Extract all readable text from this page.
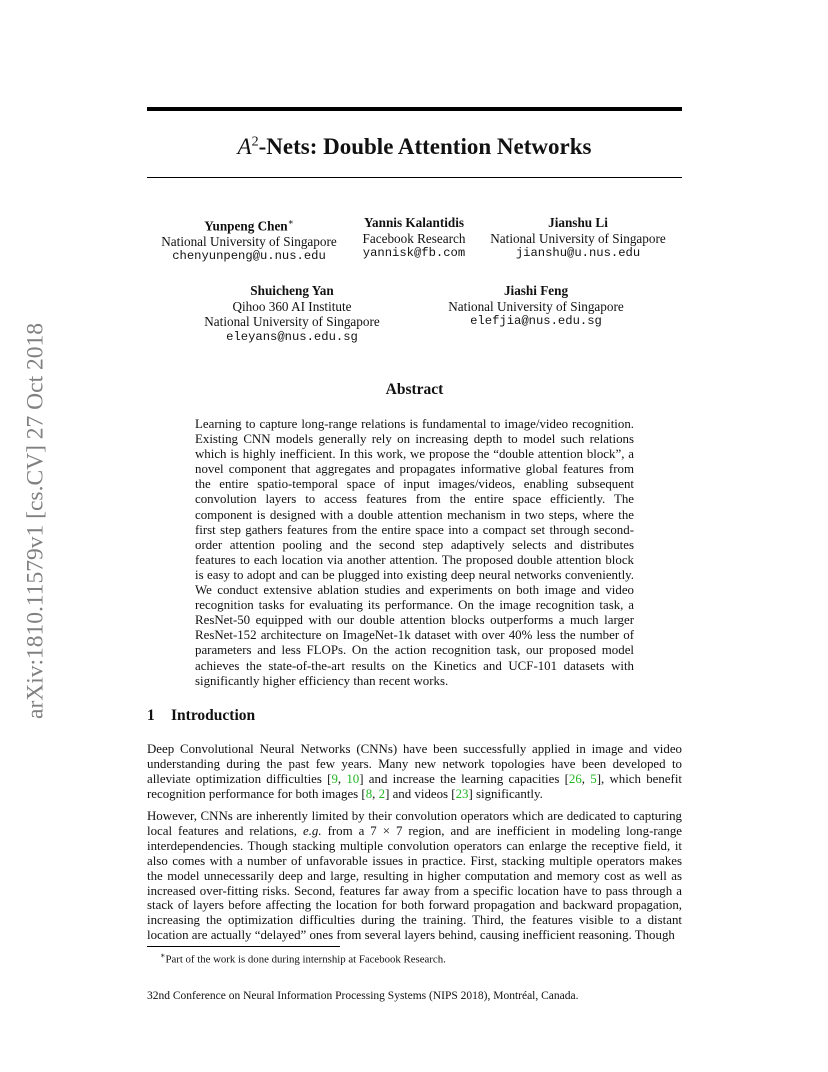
arXiv:1810.11579v1 [cs.CV] 27 Oct 2018
$A^2$-Nets: Double Attention Networks
Yunpeng Chen∗
National University of Singapore
chenyunpeng@u.nus.edu
Yannis Kalantidis
Facebook Research
yannisk@fb.com
Jianshu Li
National University of Singapore
jianshu@u.nus.edu
Shuicheng Yan
Qihoo 360 AI Institute
National University of Singapore
eleyans@nus.edu.sg
Jiashi Feng
National University of Singapore
elefjia@nus.edu.sg
Abstract
Learning to capture long-range relations is fundamental to image/video recognition. Existing CNN models generally rely on increasing depth to model such relations which is highly inefficient. In this work, we propose the “double attention block”, a novel component that aggregates and propagates informative global features from the entire spatio-temporal space of input images/videos, enabling subsequent convolution layers to access features from the entire space efficiently. The component is designed with a double attention mechanism in two steps, where the first step gathers features from the entire space into a compact set through second-order attention pooling and the second step adaptively selects and distributes features to each location via another attention. The proposed double attention block is easy to adopt and can be plugged into existing deep neural networks conveniently. We conduct extensive ablation studies and experiments on both image and video recognition tasks for evaluating its performance. On the image recognition task, a ResNet-50 equipped with our double attention blocks outperforms a much larger ResNet-152 architecture on ImageNet-1k dataset with over 40% less the number of parameters and less FLOPs. On the action recognition task, our proposed model achieves the state-of-the-art results on the Kinetics and UCF-101 datasets with significantly higher efficiency than recent works.
1 Introduction
Deep Convolutional Neural Networks (CNNs) have been successfully applied in image and video understanding during the past few years. Many new network topologies have been developed to alleviate optimization difficulties [9, 10] and increase the learning capacities [26, 5], which benefit recognition performance for both images [8, 2] and videos [23] significantly.
However, CNNs are inherently limited by their convolution operators which are dedicated to capturing local features and relations, e.g. from a 7 × 7 region, and are inefficient in modeling long-range interdependencies. Though stacking multiple convolution operators can enlarge the receptive field, it also comes with a number of unfavorable issues in practice. First, stacking multiple operators makes the model unnecessarily deep and large, resulting in higher computation and memory cost as well as increased over-fitting risks. Second, features far away from a specific location have to pass through a stack of layers before affecting the location for both forward propagation and backward propagation, increasing the optimization difficulties during the training. Third, the features visible to a distant location are actually “delayed” ones from several layers behind, causing inefficient reasoning. Though
∗Part of the work is done during internship at Facebook Research.
32nd Conference on Neural Information Processing Systems (NIPS 2018), Montréal, Canada.
